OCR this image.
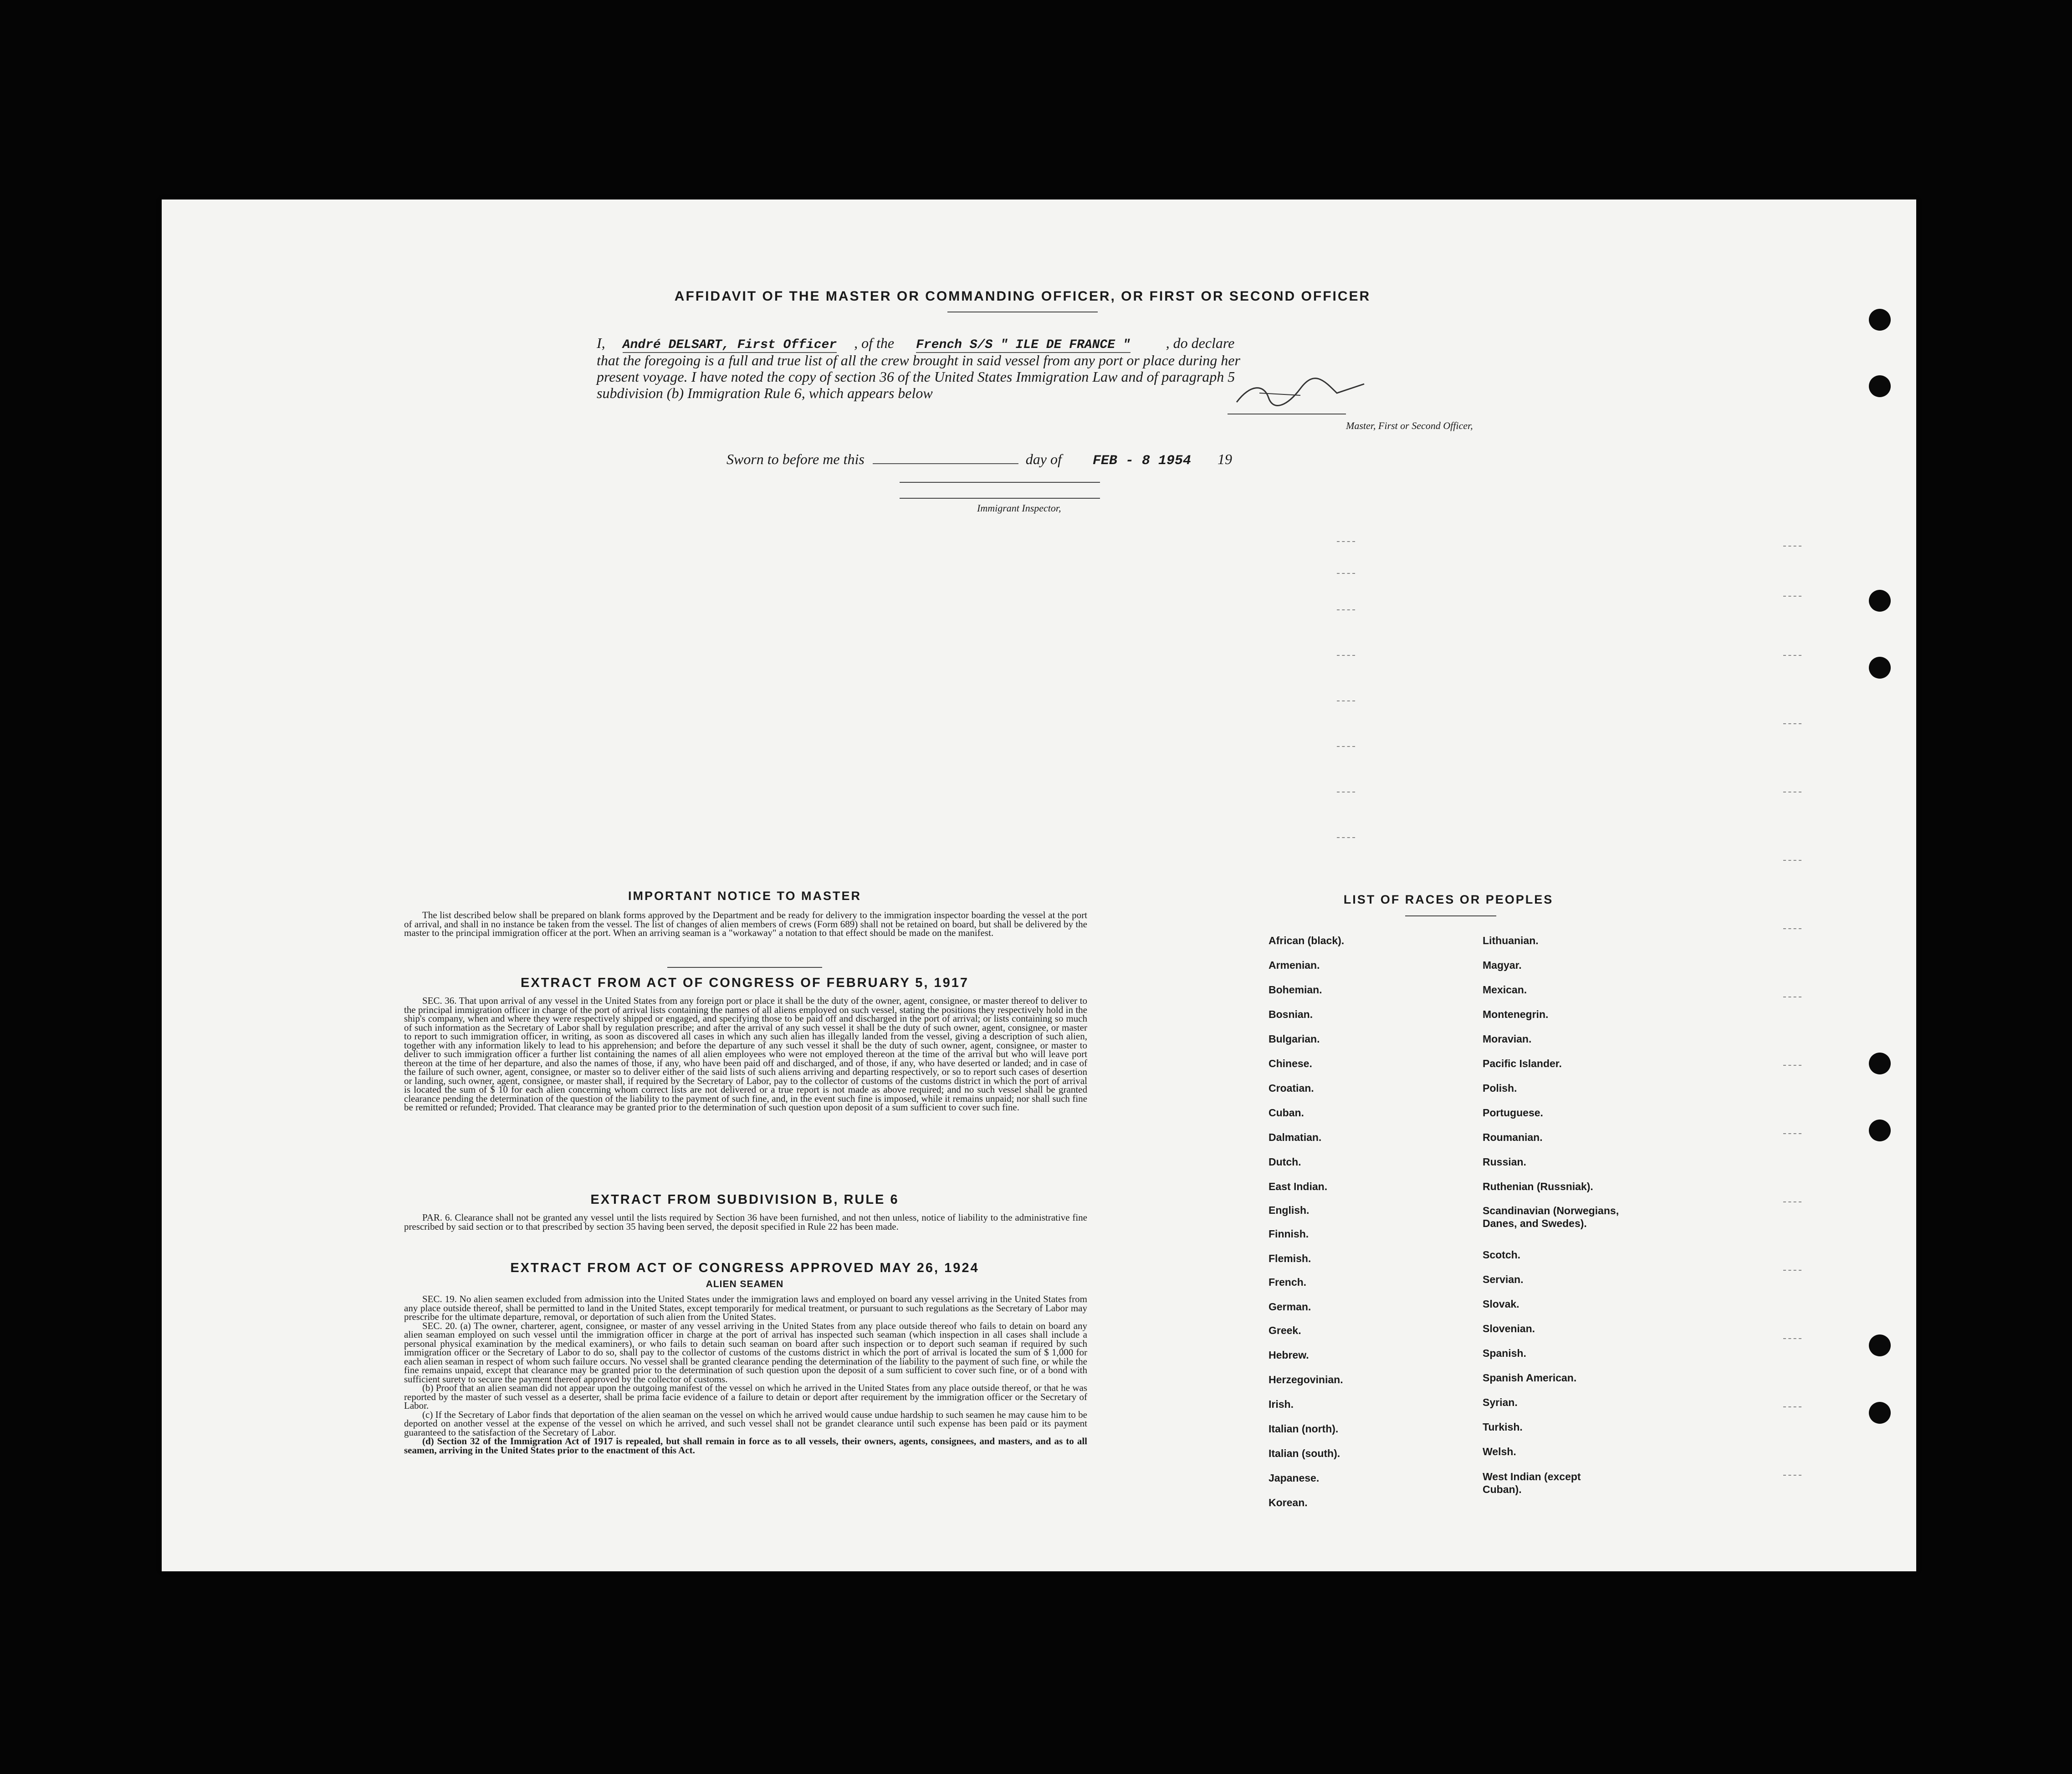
AFFIDAVIT OF THE MASTER OR COMMANDING OFFICER, OR FIRST OR SECOND OFFICER
I, André DELSART, First Officer , of the French S/S " ILE DE FRANCE " , do declare
that the foregoing is a full and true list of all the crew brought in said vessel from any port or place during her
present voyage. I have noted the copy of section 36 of the United States Immigration Law and of paragraph 5
subdivision (b) Immigration Rule 6, which appears below
Master, First or Second Officer,
Sworn to before me this	day of FEB - 8 1954 19
Immigrant Inspector,
IMPORTANT NOTICE TO MASTER

The list described below shall be prepared on blank forms approved by the Department and be ready for delivery to the immigration inspector boarding the vessel at the port of arrival, and shall in no instance be taken from the vessel. The list of changes of alien members of crews (Form 689) shall not be retained on board, but shall be delivered by the master to the principal immigration officer at the port. When an arriving seaman is a "workaway" a notation to that effect should be made on the manifest.

EXTRACT FROM ACT OF CONGRESS OF FEBRUARY 5, 1917

SEC. 36. That upon arrival of any vessel in the United States from any foreign port or place it shall be the duty of the owner, agent, consignee, or master thereof to deliver to the principal immigration officer in charge of the port of arrival lists containing the names of all aliens employed on such vessel, stating the positions they respectively hold in the ship's company, when and where they were respectively shipped or engaged, and specifying those to be paid off and discharged in the port of arrival; or lists containing so much of such information as the Secretary of Labor shall by regulation prescribe; and after the arrival of any such vessel it shall be the duty of such owner, agent, consignee, or master to report to such immigration officer, in writing, as soon as discovered all cases in which any such alien has illegally landed from the vessel, giving a description of such alien, together with any information likely to lead to his apprehension; and before the departure of any such vessel it shall be the duty of such owner, agent, consignee, or master to deliver to such immigration officer a further list containing the names of all alien employees who were not employed thereon at the time of the arrival but who will leave port thereon at the time of her departure, and also the names of those, if any, who have been paid off and discharged, and of those, if any, who have deserted or landed; and in case of the failure of such owner, agent, consignee, or master so to deliver either of the said lists of such aliens arriving and departing respectively, or so to report such cases of desertion or landing, such owner, agent, consignee, or master shall, if required by the Secretary of Labor, pay to the collector of customs of the customs district in which the port of arrival is located the sum of $ 10 for each alien concerning whom correct lists are not delivered or a true report is not made as above required; and no such vessel shall be granted clearance pending the determination of the question of the liability to the payment of such fine, and, in the event such fine is imposed, while it remains unpaid; nor shall such fine be remitted or refunded; Provided. That clearance may be granted prior to the determination of such question upon deposit of a sum sufficient to cover such fine.

EXTRACT FROM SUBDIVISION B, RULE 6

PAR. 6. Clearance shall not be granted any vessel until the lists required by Section 36 have been furnished, and not then unless, notice of liability to the administrative fine prescribed by said section or to that prescribed by section 35 having been served, the deposit specified in Rule 22 has been made.

EXTRACT FROM ACT OF CONGRESS APPROVED MAY 26, 1924
ALIEN SEAMEN

SEC. 19. No alien seamen excluded from admission into the United States under the immigration laws and employed on board any vessel arriving in the United States from any place outside thereof, shall be permitted to land in the United States, except temporarily for medical treatment, or pursuant to such regulations as the Secretary of Labor may prescribe for the ultimate departure, removal, or deportation of such alien from the United States.

SEC. 20. (a) The owner, charterer, agent, consignee, or master of any vessel arriving in the United States from any place outside thereof who fails to detain on board any alien seaman employed on such vessel until the immigration officer in charge at the port of arrival has inspected such seaman (which inspection in all cases shall include a personal physical examination by the medical examiners), or who fails to detain such seaman on board after such inspection or to deport such seaman if required by such immigration officer or the Secretary of Labor to do so, shall pay to the collector of customs of the customs district in which the port of arrival is located the sum of $ 1,000 for each alien seaman in respect of whom such failure occurs. No vessel shall be granted clearance pending the determination of the liability to the payment of such fine, or while the fine remains unpaid, except that clearance may be granted prior to the determination of such question upon the deposit of a sum sufficient to cover such fine, or of a bond with sufficient surety to secure the payment thereof approved by the collector of customs.

(b) Proof that an alien seaman did not appear upon the outgoing manifest of the vessel on which he arrived in the United States from any place outside thereof, or that he was reported by the master of such vessel as a deserter, shall be prima facie evidence of a failure to detain or deport after requirement by the immigration officer or the Secretary of Labor.

(c) If the Secretary of Labor finds that deportation of the alien seaman on the vessel on which he arrived would cause undue hardship to such seamen he may cause him to be deported on another vessel at the expense of the vessel on which he arrived, and such vessel shall not be grandet clearance until such expense has been paid or its payment guaranteed to the satisfaction of the Secretary of Labor.

(d) Section 32 of the Immigration Act of 1917 is repealed, but shall remain in force as to all vessels, their owners, agents, consignees, and masters, and as to all seamen, arriving in the United States prior to the enactment of this Act.

LIST OF RACES OR PEOPLES
African (black).
Armenian.
Bohemian.
Bosnian.
Bulgarian.
Chinese.
Croatian.
Cuban.
Dalmatian.
Dutch.
East Indian.
English.
Finnish.
Flemish.
French.
German.
Greek.
Hebrew.
Herzegovinian.
Irish.
Italian (north).
Italian (south).
Japanese.
Korean.
Lithuanian.
Magyar.
Mexican.
Montenegrin.
Moravian.
Pacific Islander.
Polish.
Portuguese.
Roumanian.
Russian.
Ruthenian (Russniak).
Scandinavian (Norwegians, Danes, and Swedes).
Scotch.
Servian.
Slovak.
Slovenian.
Spanish.
Spanish American.
Syrian.
Turkish.
Welsh.
West Indian (except Cuban).
